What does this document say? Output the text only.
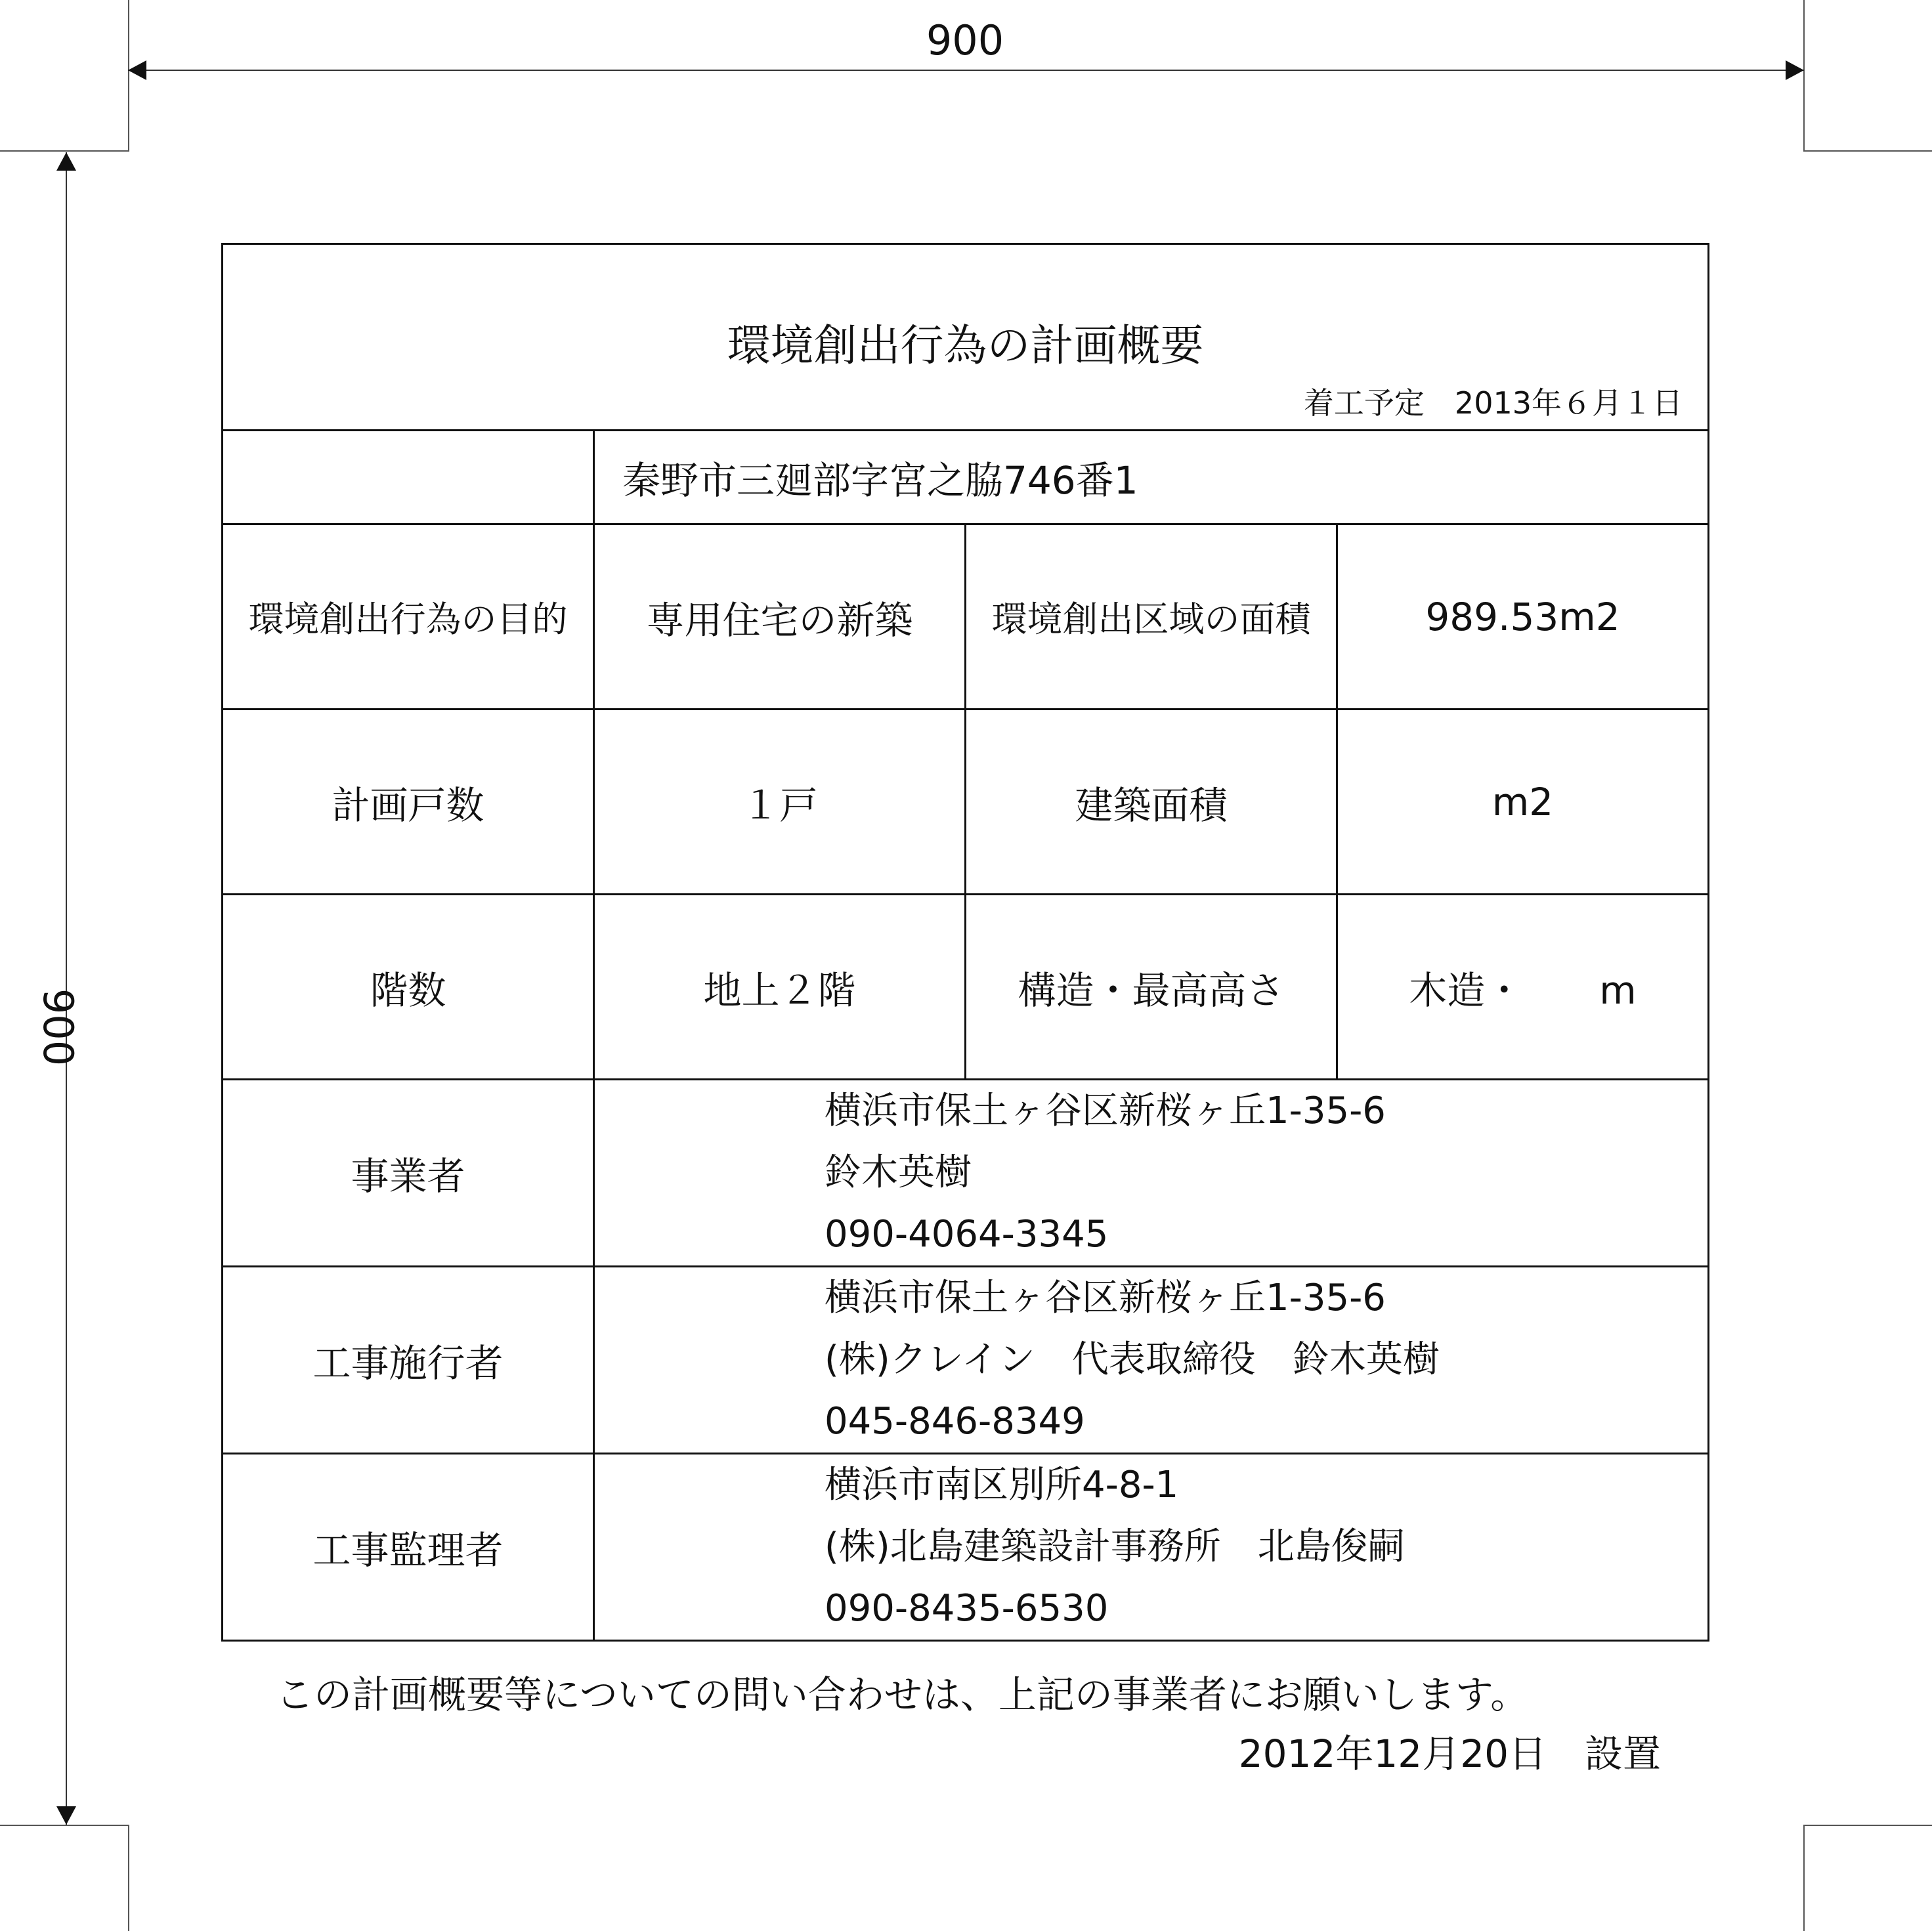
900
900
環境創出行為の計画概要
着工予定　2013年６月１日			

	秦野市三廻部字宮之脇746番1		
環境創出行為の目的	専用住宅の新築	環境創出区域の面積	989.53m2
計画戸数	１戸	建築面積	m2
階数	地上２階	構造・最高高さ	木造・　　m
事業者	横浜市保土ヶ谷区新桜ヶ丘1-35-6
鈴木英樹
090-4064-3345		

工事施行者	横浜市保土ヶ谷区新桜ヶ丘1-35-6
(株)クレイン　代表取締役　鈴木英樹
045-846-8349		

工事監理者	横浜市南区別所4-8-1
(株)北島建築設計事務所　北島俊嗣
090-8435-6530		
この計画概要等についての問い合わせは、上記の事業者にお願いします。
2012年12月20日　設置
